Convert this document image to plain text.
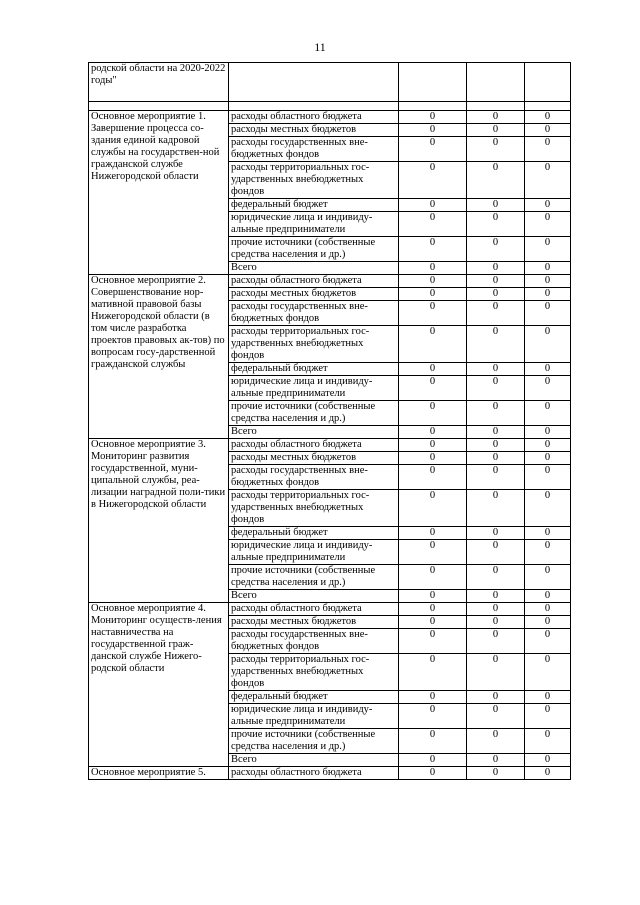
11
родской области на 2020-2022 годы"				

Основное мероприятие 1. Завершение процесса со-здания единой кадровой службы на государствен-ной гражданской службе Нижегородской области	расходы областного бюджета	0	0	0
	расходы местных бюджетов	0	0	0
	расходы государственных вне-бюджетных фондов	0	0	0
	расходы территориальных гос-ударственных внебюджетных фондов	0	0	0
	федеральный бюджет	0	0	0
	юридические лица и индивиду-альные предприниматели	0	0	0
	прочие источники (собственные средства населения и др.)	0	0	0
	Всего	0	0	0
Основное мероприятие 2. Совершенствование нор-мативной правовой базы Нижегородской области (в том числе разработка проектов правовых ак-тов) по вопросам госу-дарственной гражданской службы	расходы областного бюджета	0	0	0
	расходы местных бюджетов	0	0	0
	расходы государственных вне-бюджетных фондов	0	0	0
	расходы территориальных гос-ударственных внебюджетных фондов	0	0	0
	федеральный бюджет	0	0	0
	юридические лица и индивиду-альные предприниматели	0	0	0
	прочие источники (собственные средства населения и др.)	0	0	0
	Всего	0	0	0
Основное мероприятие 3. Мониторинг развития государственной, муни-ципальной службы, реа-лизации наградной поли-тики в Нижегородской области	расходы областного бюджета	0	0	0
	расходы местных бюджетов	0	0	0
	расходы государственных вне-бюджетных фондов	0	0	0
	расходы территориальных гос-ударственных внебюджетных фондов	0	0	0
	федеральный бюджет	0	0	0
	юридические лица и индивиду-альные предприниматели	0	0	0
	прочие источники (собственные средства населения и др.)	0	0	0
	Всего	0	0	0
Основное мероприятие 4. Мониторинг осуществ-ления наставничества на государственной граж-данской службе Нижего-родской области	расходы областного бюджета	0	0	0
	расходы местных бюджетов	0	0	0
	расходы государственных вне-бюджетных фондов	0	0	0
	расходы территориальных гос-ударственных внебюджетных фондов	0	0	0
	федеральный бюджет	0	0	0
	юридические лица и индивиду-альные предприниматели	0	0	0
	прочие источники (собственные средства населения и др.)	0	0	0
	Всего	0	0	0
Основное мероприятие 5.	расходы областного бюджета	0	0	0
